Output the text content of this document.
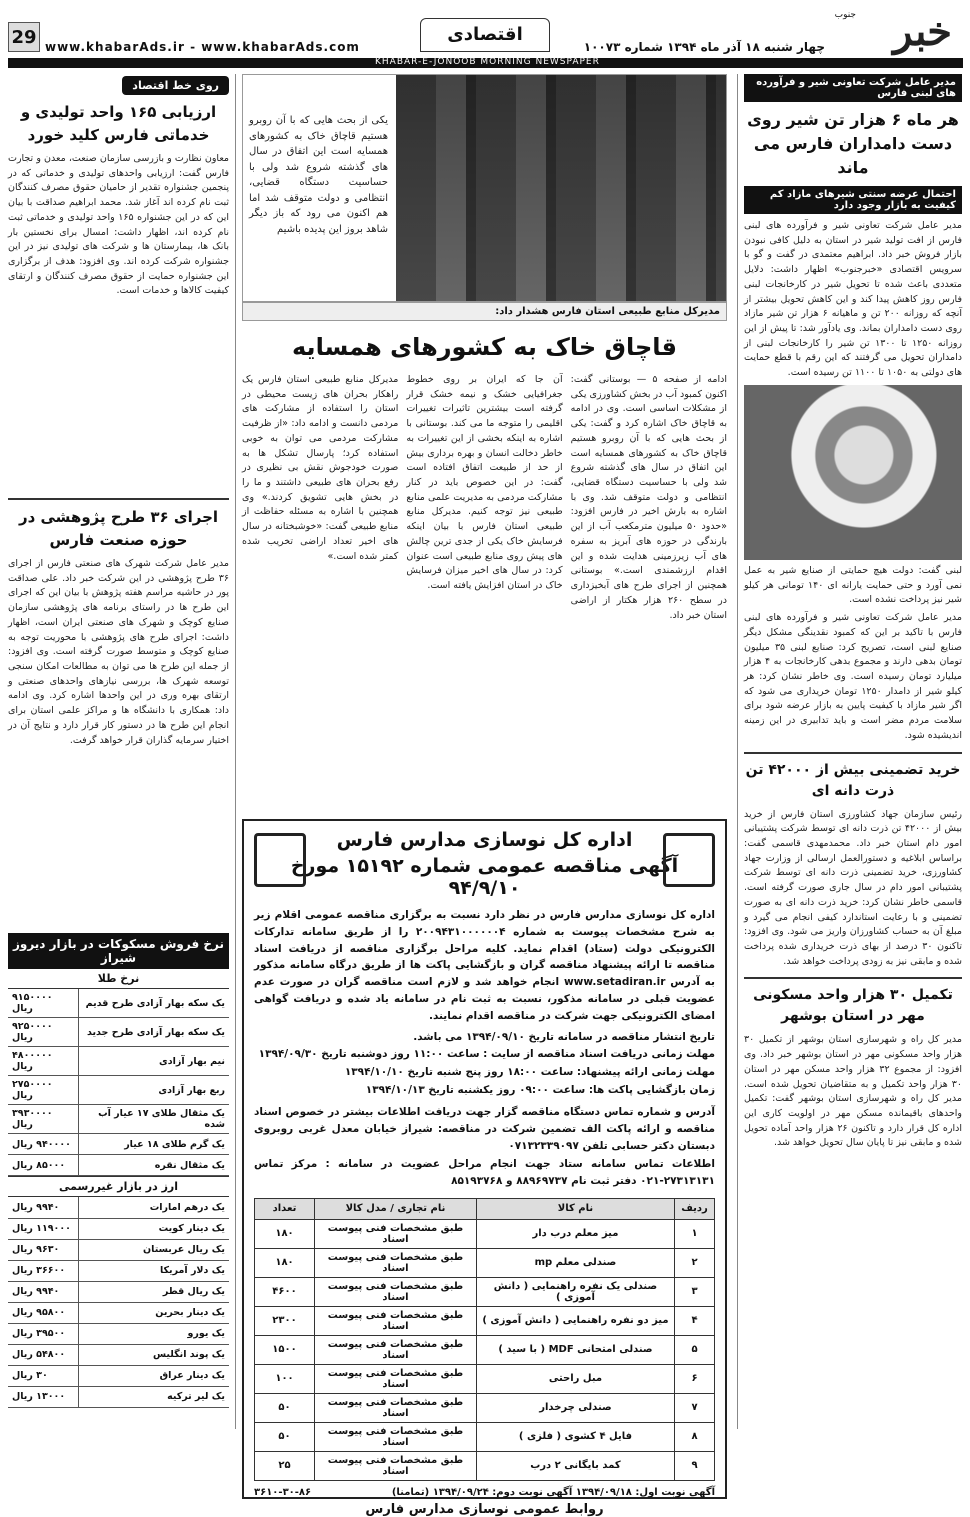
خبر
جنوب
چهار شنبه ۱۸ آذر ماه ۱۳۹۴ شماره ۱۰۰۷۳
اقتصادی
www.khabarAds.ir - www.khabarAds.com
29
KHABAR-E-JONOOB MORNING NEWSPAPER
مدیر عامل شرکت تعاونی شیر و فرآورده های لبنی فارس
هر ماه ۶ هزار تن شیر روی دست دامداران فارس می ماند
احتمال عرضه سنتی شیرهای مازاد کم کیفیت به بازار وجود دارد
مدیر عامل شرکت تعاونی شیر و فرآورده های لبنی فارس از افت تولید شیر در استان به دلیل کافی نبودن بازار فروش خبر داد. ابراهیم معتمدی در گفت و گو با سرویس اقتصادی «خبرجنوب» اظهار داشت: دلایل متعددی باعث شده تا تحویل شیر در کارخانجات لبنی فارس روز کاهش پیدا کند و این کاهش تحویل بیشتر از آنچه که روزانه ۲۰۰ تن و ماهیانه ۶ هزار تن شیر مازاد روی دست دامداران بماند. وی یادآور شد: تا پیش از این روزانه ۱۲۵۰ تا ۱۳۰۰ تن شیر را کارخانجات لبنی از دامداران تحویل می گرفتند که این رقم با قطع حمایت های دولتی به ۱۰۵۰ تا ۱۱۰۰ تن رسیده است.
لبنی گفت: دولت هیچ حمایتی از صنایع شیر به عمل نمی آورد و حتی حمایت یارانه ای ۱۴۰ تومانی هر کیلو شیر نیز پرداخت نشده است.
مدیر عامل شرکت تعاونی شیر و فرآورده های لبنی فارس با تاکید بر این که کمبود نقدینگی مشکل دیگر صنایع لبنی است، تصریح کرد: صنایع لبنی ۳۵ میلیون تومان بدهی دارند و مجموع بدهی کارخانجات به ۴ هزار میلیارد تومان رسیده است. وی خاطر نشان کرد: هر کیلو شیر از دامدار ۱۲۵۰ تومان خریداری می شود که اگر شیر مازاد با کیفیت پایین به بازار عرضه شود برای سلامت مردم مضر است و باید تدابیری در این زمینه اندیشیده شود.
خرید تضمینی بیش از ۴۲۰۰۰ تن ذرت دانه ای
رئیس سازمان جهاد کشاورزی استان فارس از خرید بیش از ۴۲۰۰۰ تن ذرت دانه ای توسط شرکت پشتیبانی امور دام استان خبر داد. محمدمهدی قاسمی گفت: براساس ابلاغیه و دستورالعمل ارسالی از وزارت جهاد کشاورزی، خرید تضمینی ذرت دانه ای توسط شرکت پشتیبانی امور دام در سال جاری صورت گرفته است. قاسمی خاطر نشان کرد: خرید ذرت دانه ای به صورت تضمینی و با رعایت استاندارد کیفی انجام می گیرد و مبلغ آن به حساب کشاورزان واریز می شود. وی افزود: تاکنون ۳۰ درصد از بهای ذرت خریداری شده پرداخت شده و مابقی نیز به زودی پرداخت خواهد شد.
تکمیل ۳۰ هزار واحد مسکونی مهر در استان بوشهر
مدیر کل راه و شهرسازی استان بوشهر از تکمیل ۳۰ هزار واحد مسکونی مهر در استان بوشهر خبر داد. وی افزود: از مجموع ۳۲ هزار واحد مسکن مهر در استان ۳۰ هزار واحد تکمیل و به متقاضیان تحویل شده است. مدیر کل راه و شهرسازی استان بوشهر گفت: تکمیل واحدهای باقیمانده مسکن مهر در اولویت کاری این اداره کل قرار دارد و تاکنون ۲۶ هزار واحد آماده تحویل شده و مابقی نیز تا پایان سال تحویل خواهد شد.
یکی از بحث هایی که با آن روبرو هستیم قاچاق خاک به کشورهای همسایه است این اتفاق در سال های گذشته شروع شد ولی با حساسیت دستگاه قضایی، انتظامی و دولت متوقف شد اما هم اکنون می رود که باز دیگر شاهد بروز این پدیده باشیم
مدیرکل منابع طبیعی استان فارس هشدار داد:
قاچاق خاک به کشورهای همسایه
ادامه از صفحه ۵ — بوستانی گفت: اکنون کمبود آب در بخش کشاورزی یکی از مشکلات اساسی است. وی در ادامه به قاچاق خاک اشاره کرد و گفت: یکی از بحث هایی که با آن روبرو هستیم قاچاق خاک به کشورهای همسایه است این اتفاق در سال های گذشته شروع شد ولی با حساسیت دستگاه قضایی، انتظامی و دولت متوقف شد. وی با اشاره به بارش اخیر در فارس افزود: «حدود ۵۰ میلیون مترمکعب آب از این بارندگی در حوزه های آبریز به سفره های آب زیرزمینی هدایت شده و این اقدام ارزشمندی است.» بوستانی همچنین از اجرای طرح های آبخیزداری در سطح ۲۶۰ هزار هکتار از اراضی استان خبر داد.
آن جا که ایران بر روی خطوط جغرافیایی خشک و نیمه خشک قرار گرفته است بیشترین تاثیرات تغییرات اقلیمی را متوجه ما می کند. بوستانی با اشاره به اینکه بخشی از این تغییرات به خاطر دخالت انسان و بهره برداری بیش از حد از طبیعت اتفاق افتاده است گفت: در این خصوص باید در کنار مشارکت مردمی به مدیریت علمی منابع طبیعی نیز توجه کنیم. مدیرکل منابع طبیعی استان فارس با بیان اینکه فرسایش خاک یکی از جدی ترین چالش های پیش روی منابع طبیعی است عنوان کرد: در سال های اخیر میزان فرسایش خاک در استان افزایش یافته است.
مدیرکل منابع طبیعی استان فارس یک راهکار بحران های زیست محیطی در استان را استفاده از مشارکت های مردمی دانست و ادامه داد: «از ظرفیت مشارکت مردمی می توان به خوبی استفاده کرد؛ پارسال تشکل ها به صورت خودجوش نقش بی نظیری در رفع بحران های طبیعی داشتند و ما را در بخش هایی تشویق کردند.» وی همچنین با اشاره به مسئله حفاظت از منابع طبیعی گفت: «خوشبختانه در سال های اخیر تعداد اراضی تخریب شده کمتر شده است.»
اداره کل نوسازی مدارس فارس
آگهی مناقصه عمومی شماره ۱۵۱۹۲ مورخ ۹۴/۹/۱۰
اداره کل نوسازی مدارس فارس در نظر دارد نسبت به برگزاری مناقصه عمومی اقلام زیر به شرح مشخصات پیوست به شماره ۲۰۰۹۴۳۱۰۰۰۰۰۰۴ را از طریق سامانه تدارکات الکترونیکی دولت (ستاد) اقدام نماید. کلیه مراحل برگزاری مناقصه از دریافت اسناد مناقصه تا ارائه پیشنهاد مناقصه گران و بازگشایی پاکت ها از طریق درگاه سامانه مذکور به آدرس www.setadiran.ir انجام خواهد شد و لازم است مناقصه گران در صورت عدم عضویت قبلی در سامانه مذکور، نسبت به ثبت نام در سامانه یاد شده و دریافت گواهی امضای الکترونیکی جهت شرکت در مناقصه اقدام نمایند.
تاریخ انتشار مناقصه در سامانه تاریخ ۱۳۹۴/۰۹/۱۰ می باشد.
مهلت زمانی دریافت اسناد مناقصه از سایت : ساعت ۱۱:۰۰ روز دوشنبه تاریخ ۱۳۹۴/۰۹/۳۰
مهلت زمانی ارائه پیشنهاد: ساعت ۱۸:۰۰ روز پنج شنبه تاریخ ۱۳۹۴/۱۰/۱۰
زمان بازگشایی پاکت ها: ساعت ۰۹:۰۰ روز یکشنبه تاریخ ۱۳۹۴/۱۰/۱۳
آدرس و شماره تماس دستگاه مناقصه گزار جهت دریافت اطلاعات بیشتر در خصوص اسناد مناقصه و ارائه پاکت الف تضمین شرکت در مناقصه: شیراز خیابان معدل غربی روبروی دبستان دکتر حسابی تلفن ۰۷۱۳۲۳۳۹۰۹۷
اطلاعات تماس سامانه ستاد جهت انجام مراحل عضویت در سامانه : مرکز تماس ۲۷۳۱۳۱۳۱-۰۲۱ دفتر ثبت نام ۸۸۹۶۹۷۳۷ و ۸۵۱۹۳۷۶۸
ردیف	نام کالا	نام تجاری / مدل کالا	تعداد
۱	میز معلم درب دار	طبق مشخصات فنی پیوست اسناد	۱۸۰
۲	صندلی معلم mp	طبق مشخصات فنی پیوست اسناد	۱۸۰
۳	صندلی یک نفره راهنمایی ( دانش آموزی )	طبق مشخصات فنی پیوست اسناد	۴۶۰۰
۴	میز دو نفره راهنمایی ( دانش آموزی )	طبق مشخصات فنی پیوست اسناد	۲۳۰۰
۵	صندلی امتحانی MDF ( با سید )	طبق مشخصات فنی پیوست اسناد	۱۵۰۰
۶	مبل راحتی	طبق مشخصات فنی پیوست اسناد	۱۰۰
۷	صندلی چرخدار	طبق مشخصات فنی پیوست اسناد	۵۰
۸	فایل ۴ کشوی ( فلزی )	طبق مشخصات فنی پیوست اسناد	۵۰
۹	کمد بایگانی ۲ درب	طبق مشخصات فنی پیوست اسناد	۲۵
آگهی نوبت اول: ۱۳۹۴/۰۹/۱۸ آگهی نوبت دوم: ۱۳۹۴/۰۹/۲۴ (تمامنا)
۳۶۱۰-۳۰-۸۶
روابط عمومی نوسازی مدارس فارس
روی خط اقتصاد
ارزیابی ۱۶۵ واحد تولیدی و خدماتی فارس کلید خورد
معاون نظارت و بازرسی سازمان صنعت، معدن و تجارت فارس گفت: ارزیابی واحدهای تولیدی و خدماتی که در پنجمین جشنواره تقدیر از حامیان حقوق مصرف کنندگان ثبت نام کرده اند آغاز شد. محمد ابراهیم صداقت با بیان این که در این جشنواره ۱۶۵ واحد تولیدی و خدماتی ثبت نام کرده اند، اظهار داشت: امسال برای نخستین بار بانک ها، بیمارستان ها و شرکت های تولیدی نیز در این جشنواره شرکت کرده اند. وی افزود: هدف از برگزاری این جشنواره حمایت از حقوق مصرف کنندگان و ارتقای کیفیت کالاها و خدمات است.
اجرای ۳۶ طرح پژوهشی در حوزه صنعت فارس
مدیر عامل شرکت شهرک های صنعتی فارس از اجرای ۳۶ طرح پژوهشی در این شرکت خبر داد. علی صداقت پور در حاشیه مراسم هفته پژوهش با بیان این که اجرای این طرح ها در راستای برنامه های پژوهشی سازمان صنایع کوچک و شهرک های صنعتی ایران است، اظهار داشت: اجرای طرح های پژوهشی با محوریت توجه به صنایع کوچک و متوسط صورت گرفته است. وی افزود: از جمله این طرح ها می توان به مطالعات امکان سنجی توسعه شهرک ها، بررسی نیازهای واحدهای صنعتی و ارتقای بهره وری در این واحدها اشاره کرد. وی ادامه داد: همکاری با دانشگاه ها و مراکز علمی استان برای انجام این طرح ها در دستور کار قرار دارد و نتایج آن در اختیار سرمایه گذاران قرار خواهد گرفت.
نرخ فروش مسکوکات در بازار دیروز شیراز
نرخ طلا
یک سکه بهار آزادی طرح قدیم	۹۱۵۰۰۰۰ ریال
یک سکه بهار آزادی طرح جدید	۹۲۵۰۰۰۰ ریال
نیم بهار آزادی	۴۸۰۰۰۰۰ ریال
ربع بهار آزادی	۲۷۵۰۰۰۰ ریال
یک مثقال طلای ۱۷ عیار آب شده	۳۹۳۰۰۰۰ ریال
یک گرم طلای ۱۸ عیار	۹۴۰۰۰۰ ریال
یک مثقال نقره	۸۵۰۰۰ ریال
ارز در بازار غیررسمی
یک درهم امارات	۹۹۴۰ ریال
یک دینار کویت	۱۱۹۰۰۰ ریال
یک ریال عربستان	۹۶۳۰ ریال
یک دلار آمریکا	۳۶۶۰۰ ریال
یک ریال قطر	۹۹۴۰ ریال
یک دینار بحرین	۹۵۸۰۰ ریال
یک یورو	۳۹۵۰۰ ریال
یک پوند انگلیس	۵۴۸۰۰ ریال
یک دینار عراق	۳۰ ریال
یک لیر ترکیه	۱۳۰۰۰ ریال
